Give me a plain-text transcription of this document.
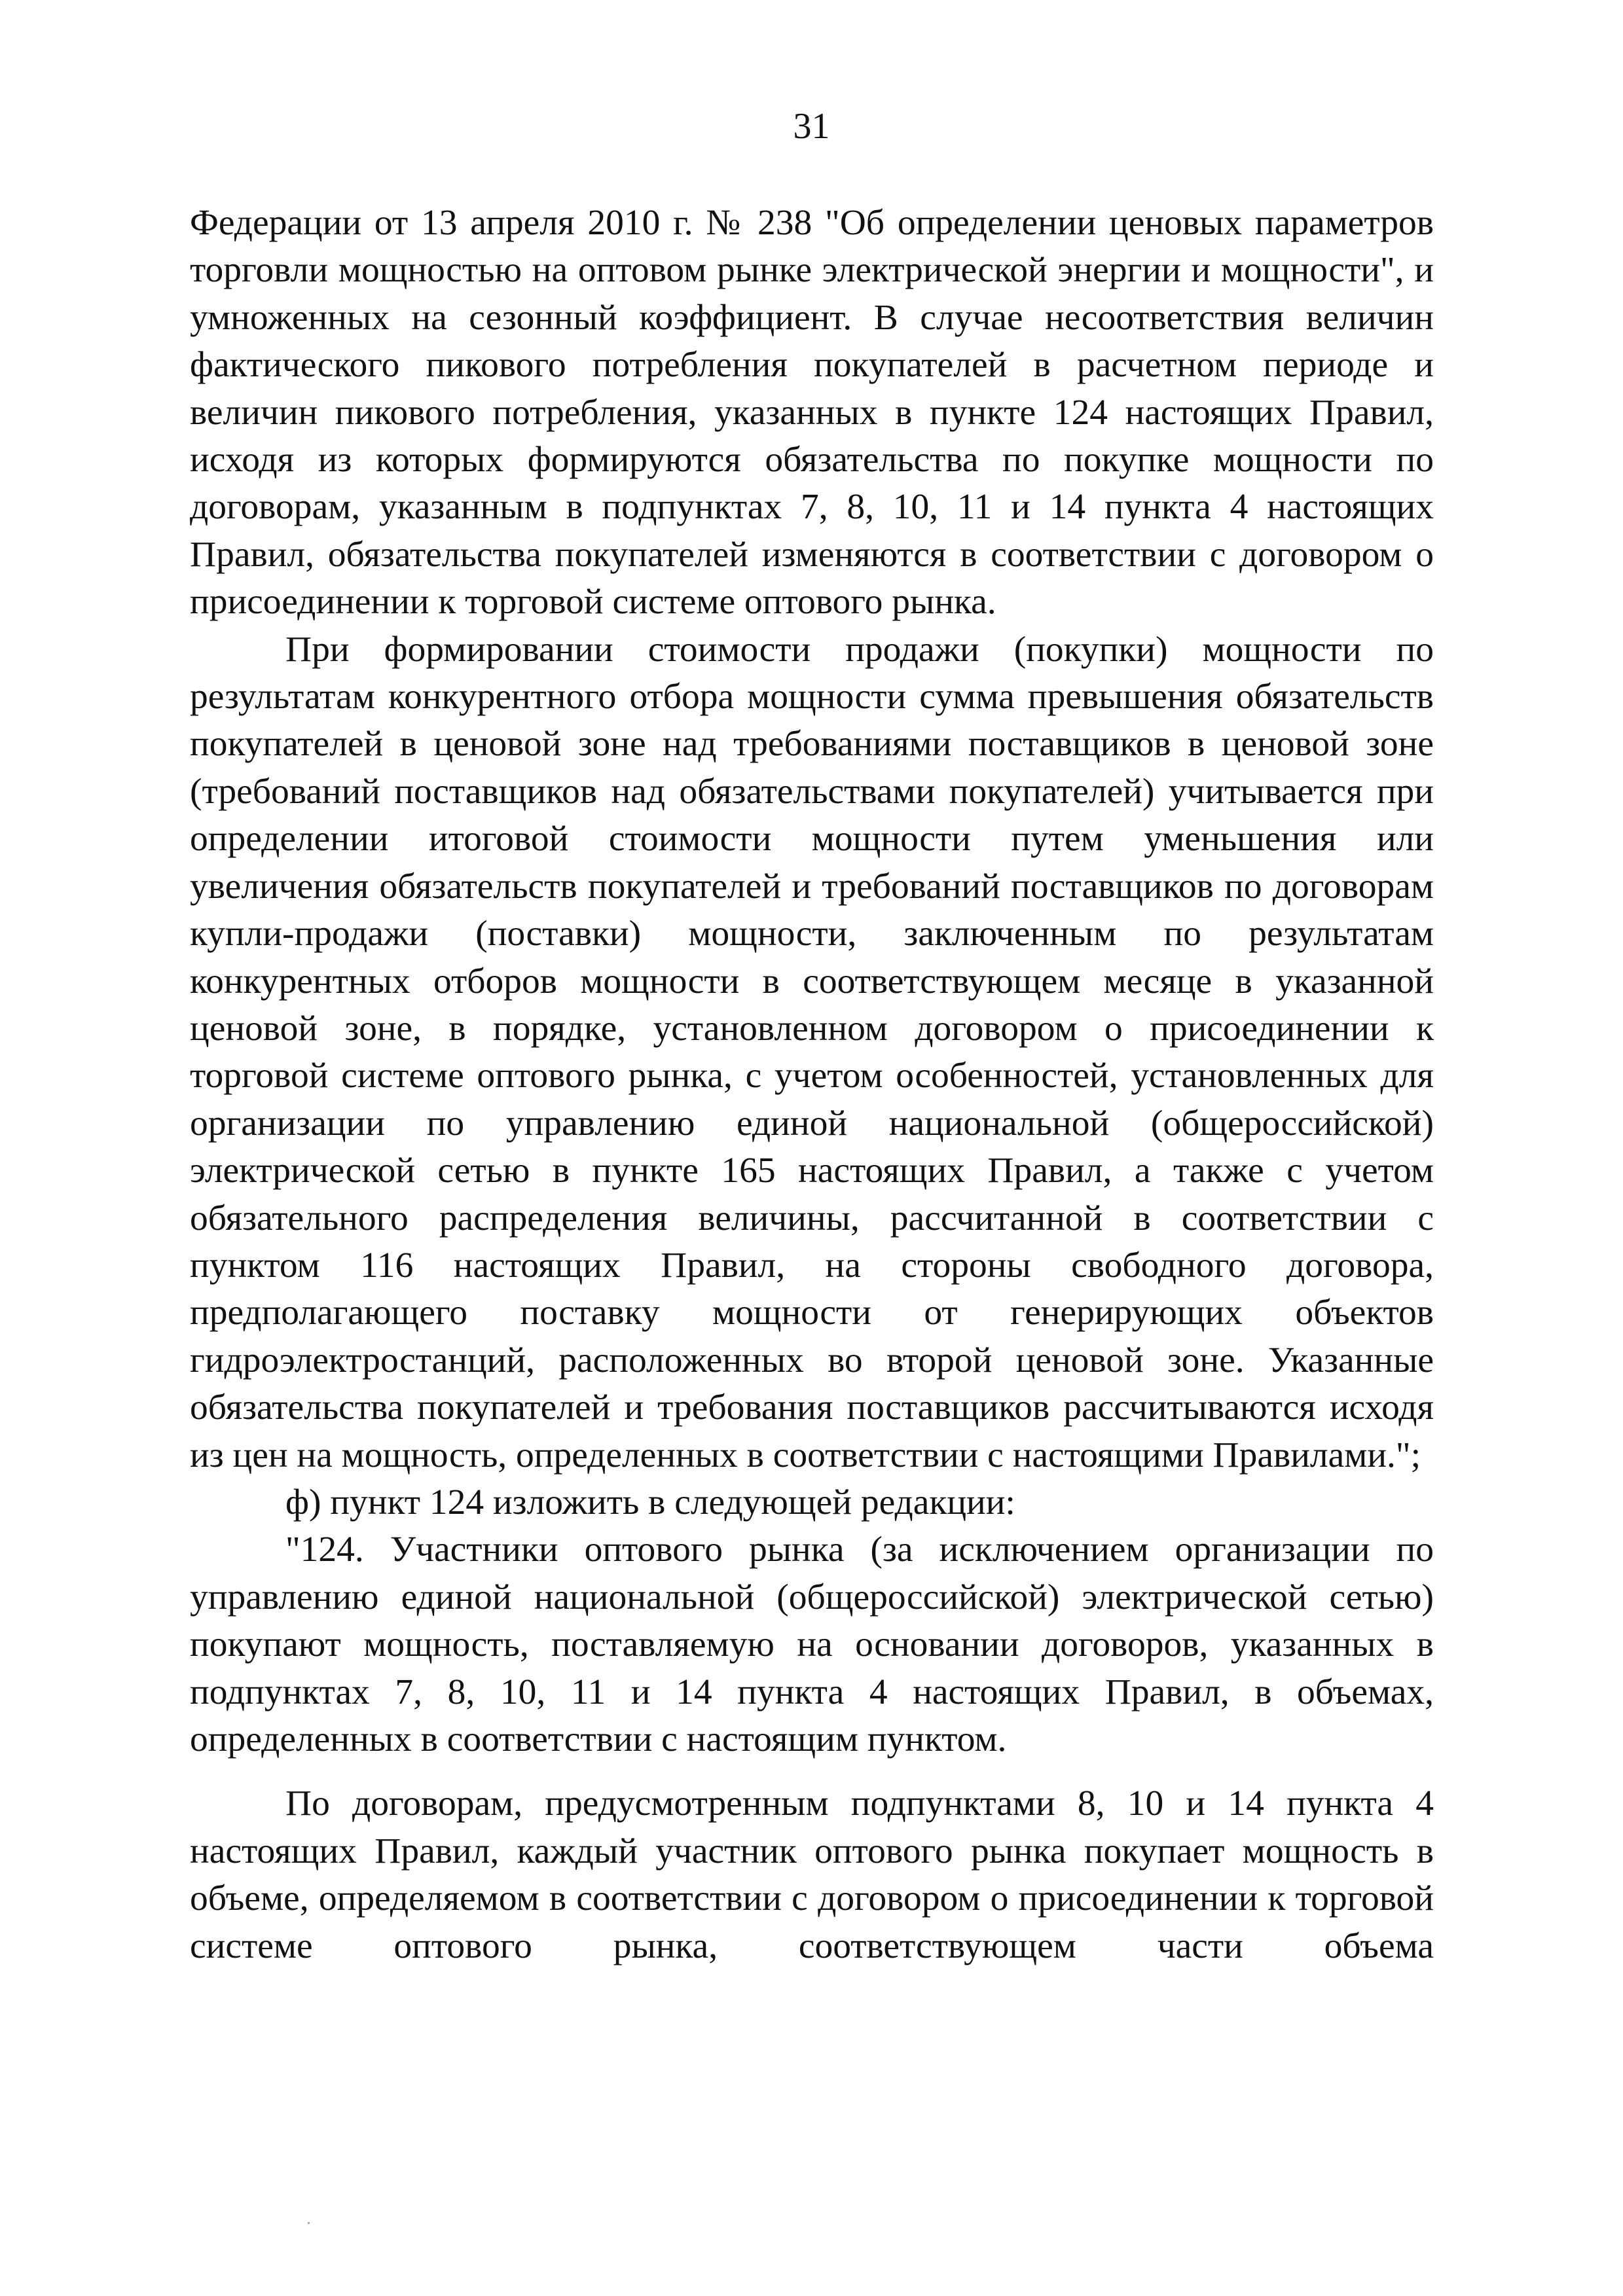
31

Федерации от 13 апреля 2010 г. № 238 "Об определении ценовых параметров торговли мощностью на оптовом рынке электрической энергии и мощности", и умноженных на сезонный коэффициент. В случае несоответствия величин фактического пикового потребления покупателей в расчетном периоде и величин пикового потребления, указанных в пункте 124 настоящих Правил, исходя из которых формируются обязательства по покупке мощности по договорам, указанным в подпунктах 7, 8, 10, 11 и 14 пункта 4 настоящих Правил, обязательства покупателей изменяются в соответствии с договором о присоединении к торговой системе оптового рынка.

При формировании стоимости продажи (покупки) мощности по результатам конкурентного отбора мощности сумма превышения обязательств покупателей в ценовой зоне над требованиями поставщиков в ценовой зоне (требований поставщиков над обязательствами покупателей) учитывается при определении итоговой стоимости мощности путем уменьшения или увеличения обязательств покупателей и требований поставщиков по договорам купли-продажи (поставки) мощности, заключенным по результатам конкурентных отборов мощности в соответствующем месяце в указанной ценовой зоне, в порядке, установленном договором о присоединении к торговой системе оптового рынка, с учетом особенностей, установленных для организации по управлению единой национальной (общероссийской) электрической сетью в пункте 165 настоящих Правил, а также с учетом обязательного распределения величины, рассчитанной в соответствии с пунктом 116 настоящих Правил, на стороны свободного договора, предполагающего поставку мощности от генерирующих объектов гидроэлектростанций, расположенных во второй ценовой зоне. Указанные обязательства покупателей и требования поставщиков рассчитываются исходя из цен на мощность, определенных в соответствии с настоящими Правилами.";

ф) пункт 124 изложить в следующей редакции:

"124. Участники оптового рынка (за исключением организации по управлению единой национальной (общероссийской) электрической сетью) покупают мощность, поставляемую на основании договоров, указанных в подпунктах 7, 8, 10, 11 и 14 пункта 4 настоящих Правил, в объемах, определенных в соответствии с настоящим пунктом.

По договорам, предусмотренным подпунктами 8, 10 и 14 пункта 4 настоящих Правил, каждый участник оптового рынка покупает мощность в объеме, определяемом в соответствии с договором о присоединении к торговой системе оптового рынка, соответствующем части объема
